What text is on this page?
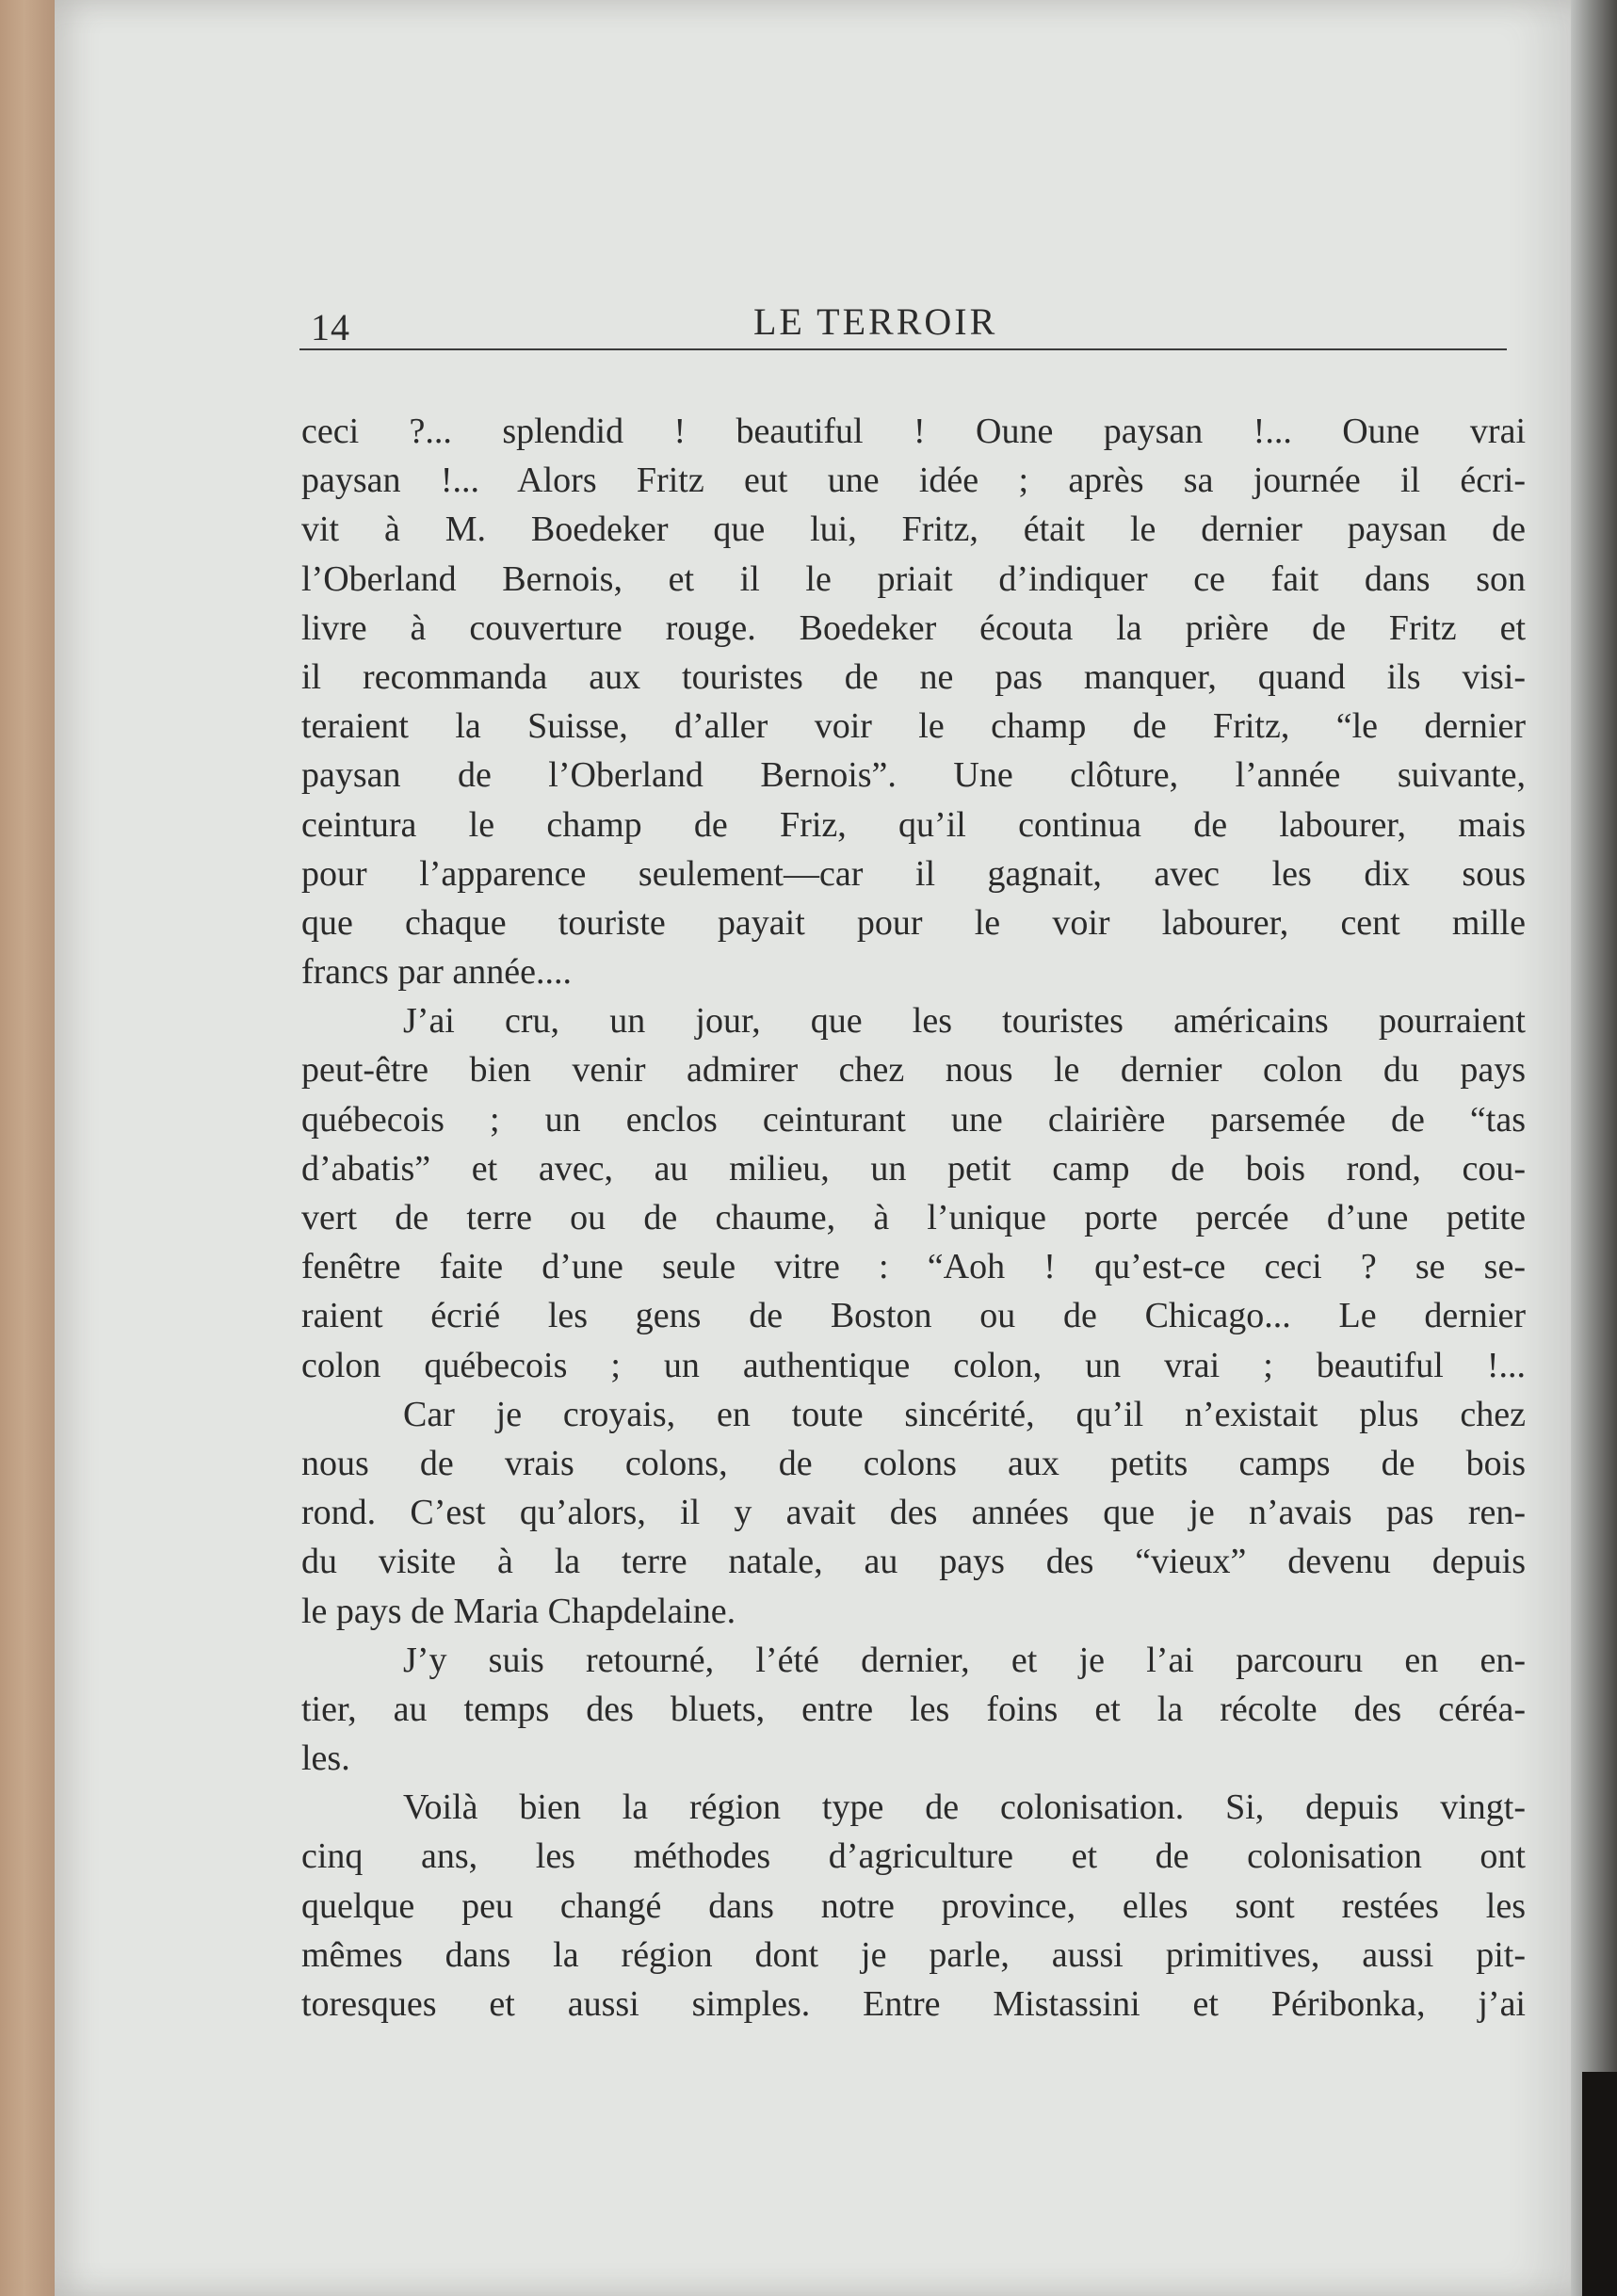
14	LE TERROIR
ceci ?... splendid ! beautiful ! Oune paysan !... Oune vrai
paysan !... Alors Fritz eut une idée ; après sa journée il écri-
vit à M. Boedeker que lui, Fritz, était le dernier paysan de
l’Oberland Bernois, et il le priait d’indiquer ce fait dans son
livre à couverture rouge. Boedeker écouta la prière de Fritz et
il recommanda aux touristes de ne pas manquer, quand ils visi-
teraient la Suisse, d’aller voir le champ de Fritz, “le dernier
paysan de l’Oberland Bernois”. Une clôture, l’année suivante,
ceintura le champ de Friz, qu’il continua de labourer, mais
pour l’apparence seulement—car il gagnait, avec les dix sous
que chaque touriste payait pour le voir labourer, cent mille
francs par année....
J’ai cru, un jour, que les touristes américains pourraient
peut-être bien venir admirer chez nous le dernier colon du pays
québecois ; un enclos ceinturant une clairière parsemée de “tas
d’abatis” et avec, au milieu, un petit camp de bois rond, cou-
vert de terre ou de chaume, à l’unique porte percée d’une petite
fenêtre faite d’une seule vitre : “Aoh ! qu’est-ce ceci ? se se-
raient écrié les gens de Boston ou de Chicago... Le dernier
colon québecois ; un authentique colon, un vrai ; beautiful !...
Car je croyais, en toute sincérité, qu’il n’existait plus chez
nous de vrais colons, de colons aux petits camps de bois
rond. C’est qu’alors, il y avait des années que je n’avais pas ren-
du visite à la terre natale, au pays des “vieux” devenu depuis
le pays de Maria Chapdelaine.
J’y suis retourné, l’été dernier, et je l’ai parcouru en en-
tier, au temps des bluets, entre les foins et la récolte des céréa-
les.
Voilà bien la région type de colonisation. Si, depuis vingt-
cinq ans, les méthodes d’agriculture et de colonisation ont
quelque peu changé dans notre province, elles sont restées les
mêmes dans la région dont je parle, aussi primitives, aussi pit-
toresques et aussi simples. Entre Mistassini et Péribonka, j’ai
